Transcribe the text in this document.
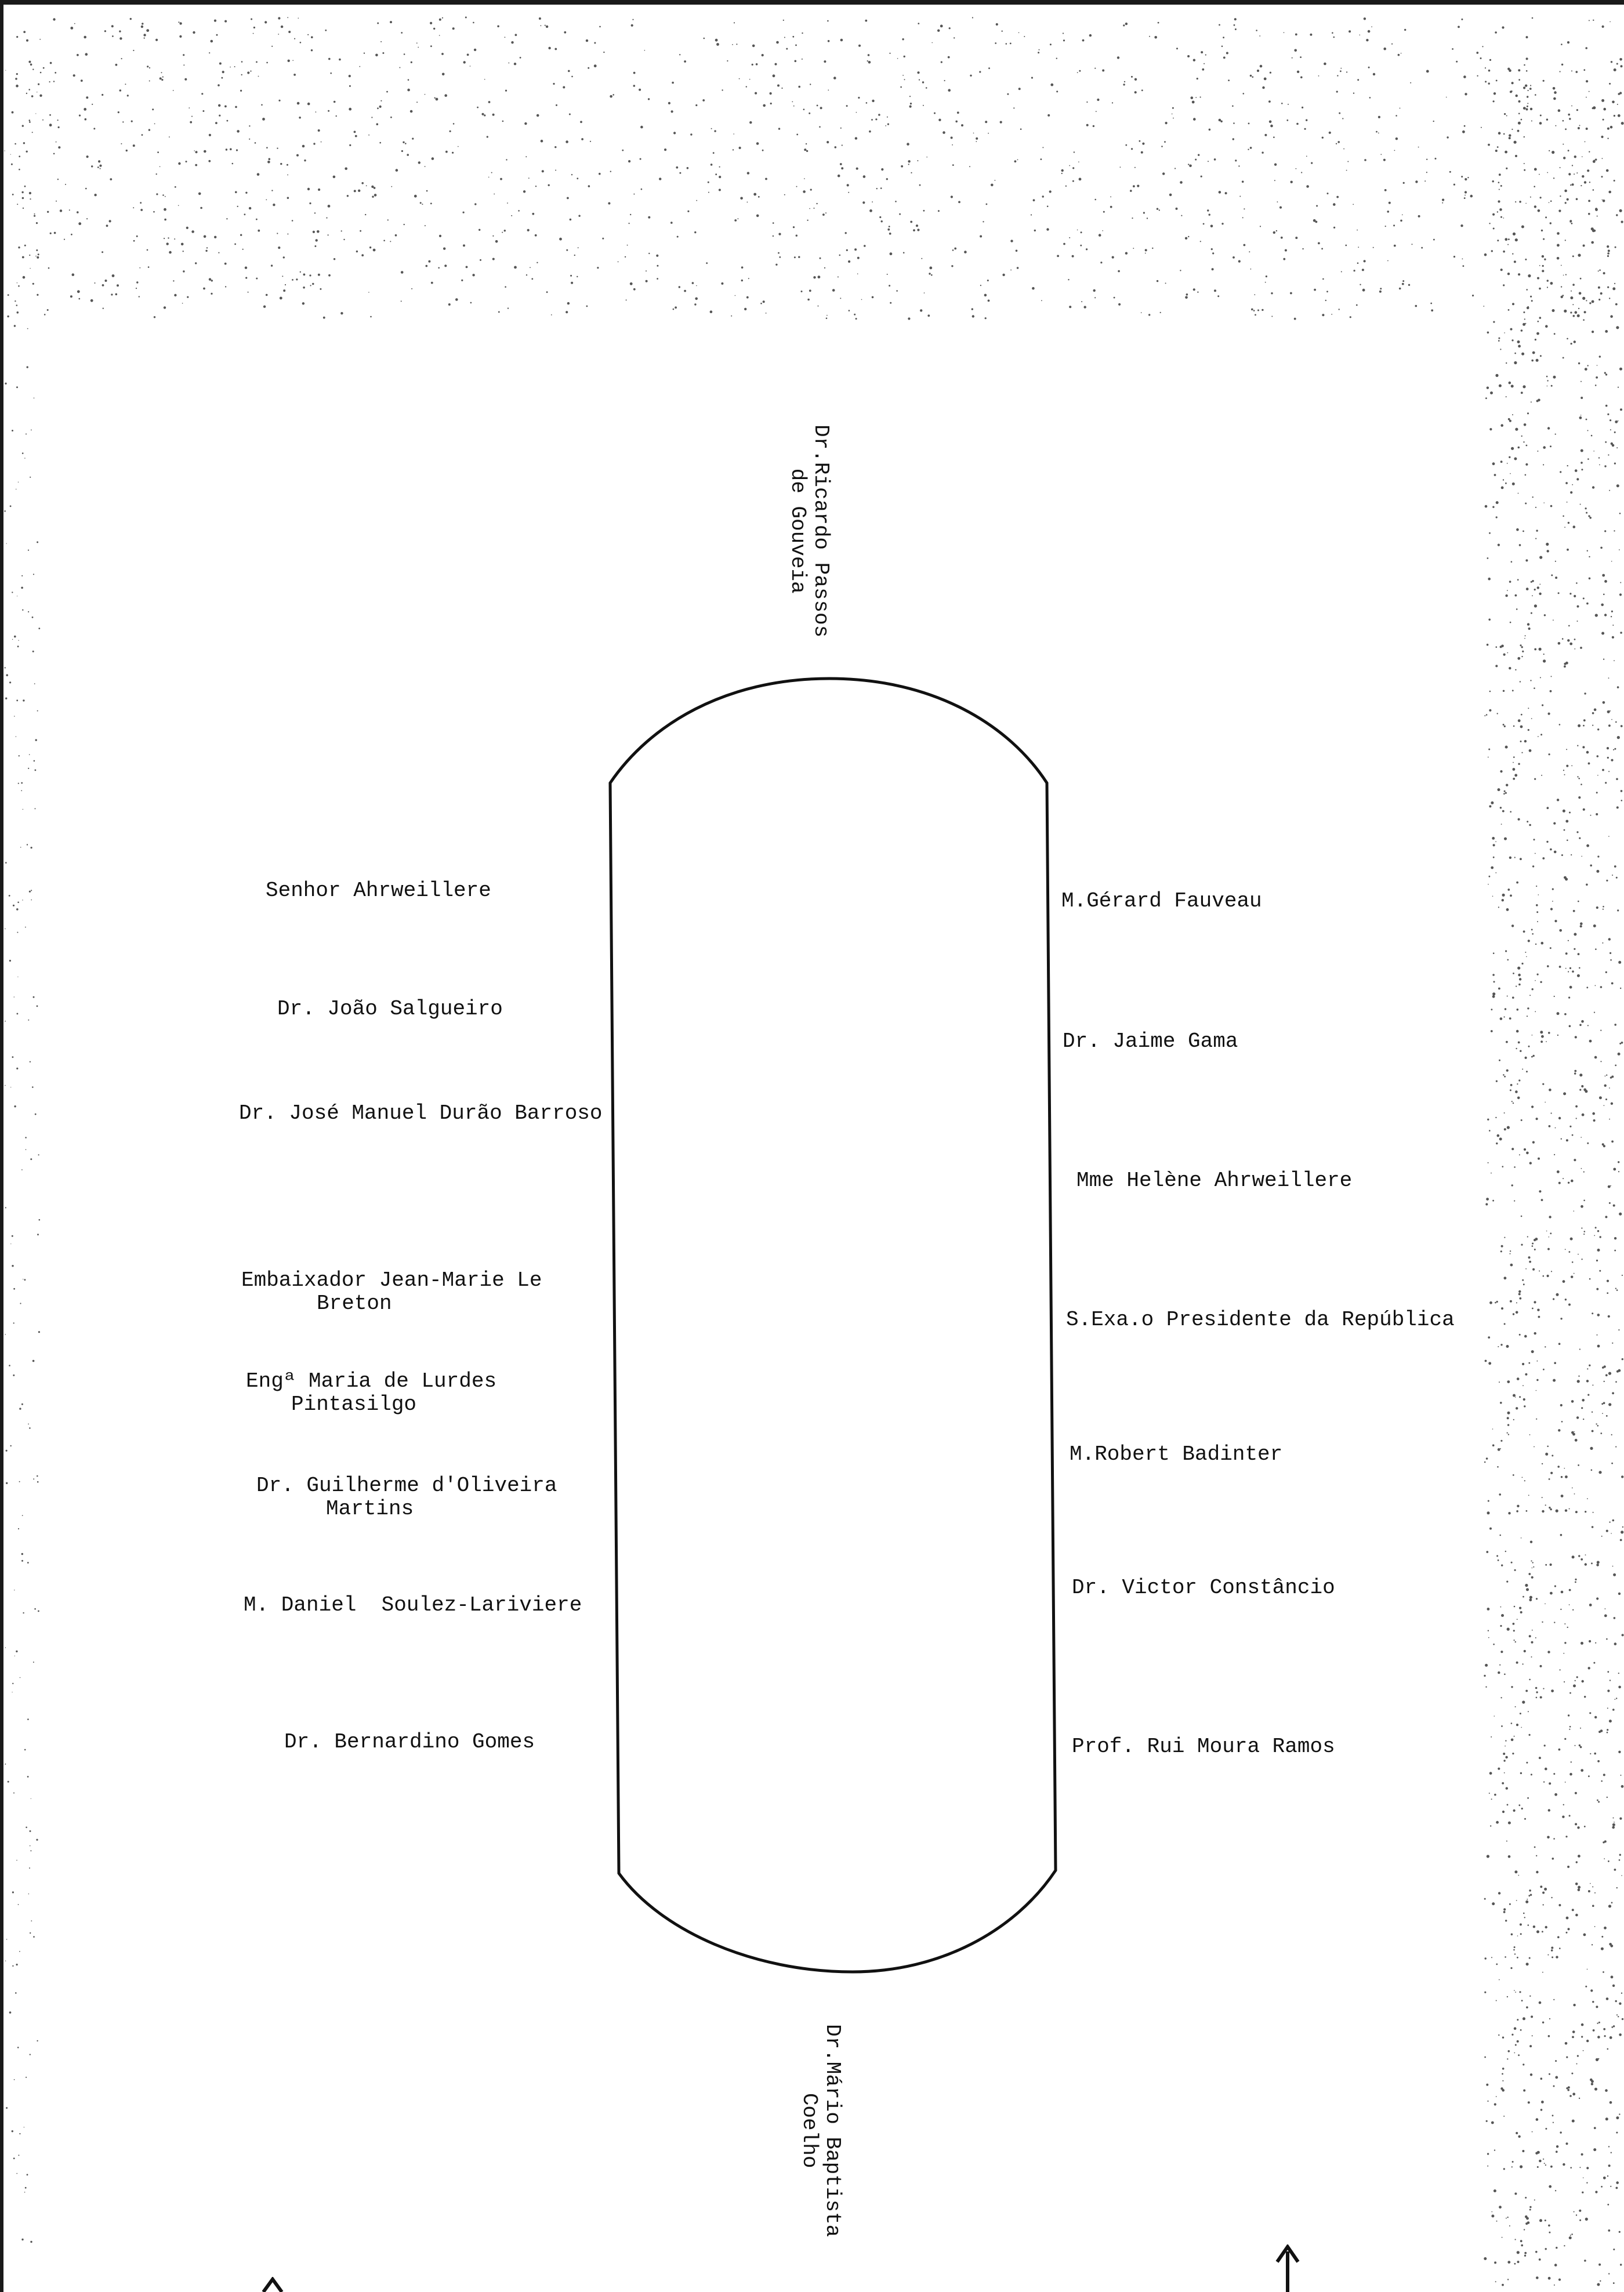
Dr.Ricardo Passos
de Gouveia
Dr.Mário Baptista
Coelho
Senhor Ahrweillere
Dr. João Salgueiro
Dr. José Manuel Durão Barroso
Embaixador Jean-Marie Le
Breton
Engª Maria de Lurdes
Pintasilgo
Dr. Guilherme d'Oliveira
Martins
M. Daniel  Soulez-Lariviere
Dr. Bernardino Gomes
M.Gérard Fauveau
Dr. Jaime Gama
Mme Helène Ahrweillere
S.Exa.o Presidente da República
M.Robert Badinter
Dr. Victor Constâncio
Prof. Rui Moura Ramos
